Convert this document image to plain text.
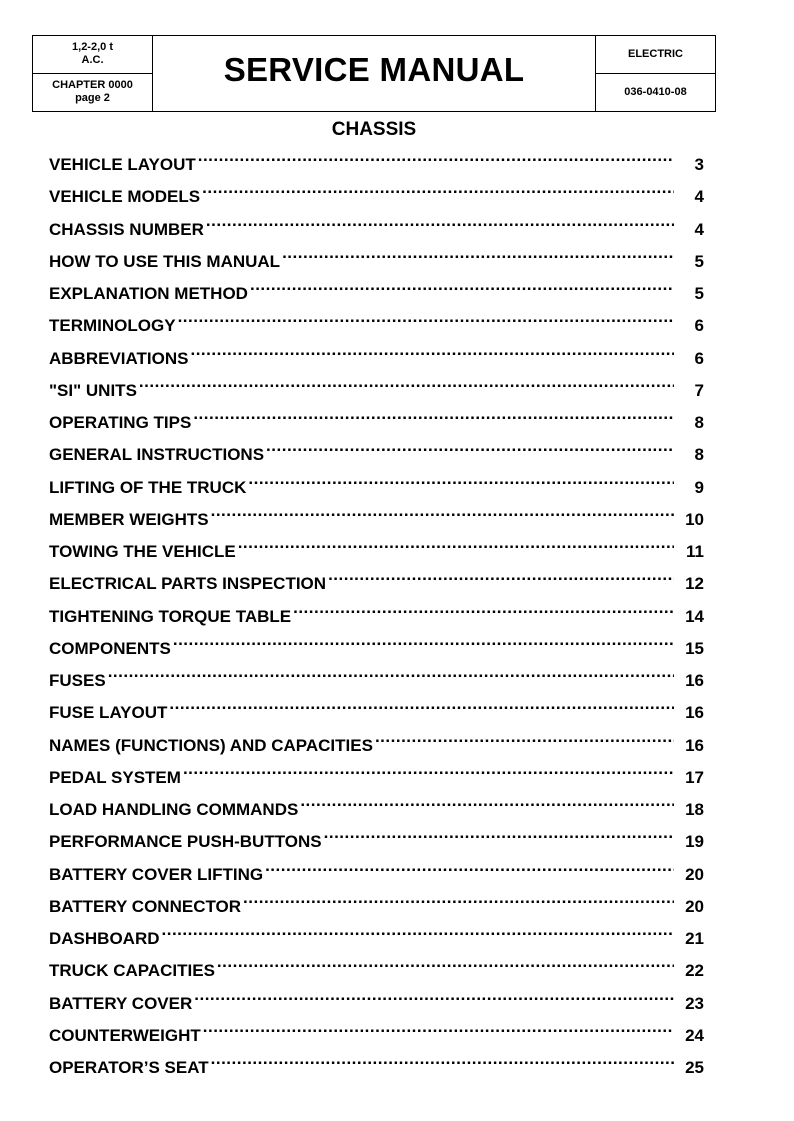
1,2-2,0 t
A.C.
CHAPTER 0000
page 2
SERVICE MANUAL	ELECTRIC
036-0410-08
CHASSIS
VEHICLE LAYOUT .....	3
VEHICLE MODELS .....	4
CHASSIS NUMBER .....	4
HOW TO USE THIS MANUAL .....	5
EXPLANATION METHOD .....	5
TERMINOLOGY .....	6
ABBREVIATIONS .....	6
"SI" UNITS .....	7
OPERATING TIPS .....	8
GENERAL INSTRUCTIONS .....	8
LIFTING OF THE TRUCK .....	9
MEMBER WEIGHTS .....	10
TOWING THE VEHICLE .....	11
ELECTRICAL PARTS INSPECTION .....	12
TIGHTENING TORQUE TABLE .....	14
COMPONENTS .....	15
FUSES .....	16
FUSE LAYOUT .....	16
NAMES (FUNCTIONS) AND CAPACITIES .....	16
PEDAL SYSTEM .....	17
LOAD HANDLING COMMANDS .....	18
PERFORMANCE PUSH-BUTTONS .....	19
BATTERY COVER LIFTING .....	20
BATTERY CONNECTOR .....	20
DASHBOARD .....	21
TRUCK CAPACITIES .....	22
BATTERY COVER .....	23
COUNTERWEIGHT .....	24
OPERATOR’S SEAT .....	25
